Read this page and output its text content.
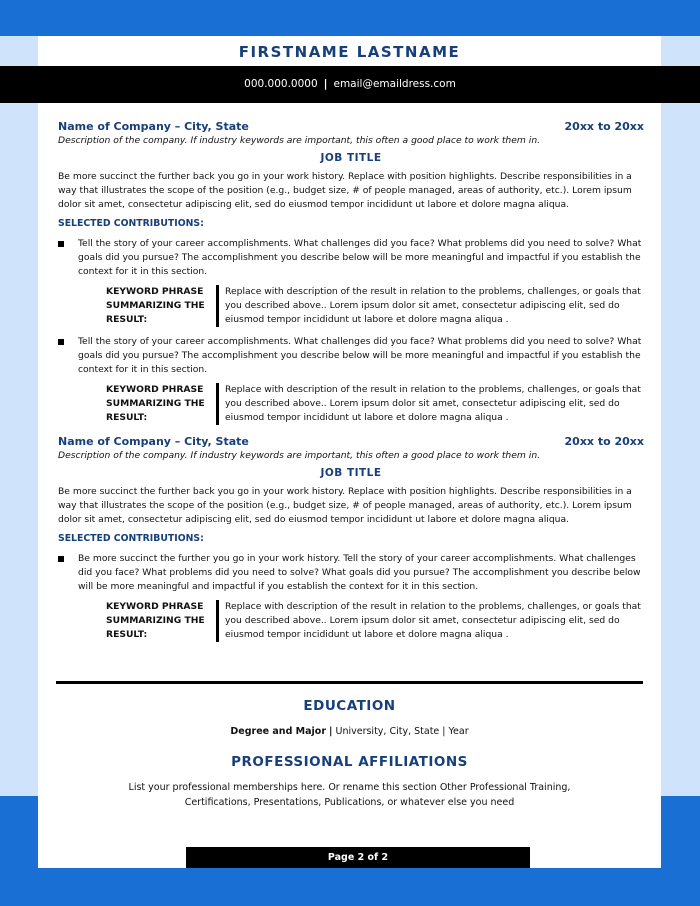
FIRSTNAME LASTNAME
000.000.0000 | email@emaildress.com
Name of Company – City, State	20xx to 20xx
Description of the company. If industry keywords are important, this often a good place to work them in.
JOB TITLE
Be more succinct the further back you go in your work history. Replace with position highlights. Describe responsibilities in a way that illustrates the scope of the position (e.g., budget size, # of people managed, areas of authority, etc.). Lorem ipsum dolor sit amet, consectetur adipiscing elit, sed do eiusmod tempor incididunt ut labore et dolore magna aliqua.
SELECTED CONTRIBUTIONS:
Tell the story of your career accomplishments. What challenges did you face? What problems did you need to solve? What goals did you pursue? The accomplishment you describe below will be more meaningful and impactful if you establish the context for it in this section.
KEYWORD PHRASE SUMMARIZING THE RESULT:
Replace with description of the result in relation to the problems, challenges, or goals that you described above.. Lorem ipsum dolor sit amet, consectetur adipiscing elit, sed do eiusmod tempor incididunt ut labore et dolore magna aliqua .
Tell the story of your career accomplishments. What challenges did you face? What problems did you need to solve? What goals did you pursue? The accomplishment you describe below will be more meaningful and impactful if you establish the context for it in this section.
KEYWORD PHRASE SUMMARIZING THE RESULT:
Replace with description of the result in relation to the problems, challenges, or goals that you described above.. Lorem ipsum dolor sit amet, consectetur adipiscing elit, sed do eiusmod tempor incididunt ut labore et dolore magna aliqua .
Name of Company – City, State	20xx to 20xx
Description of the company. If industry keywords are important, this often a good place to work them in.
JOB TITLE
Be more succinct the further back you go in your work history. Replace with position highlights. Describe responsibilities in a way that illustrates the scope of the position (e.g., budget size, # of people managed, areas of authority, etc.). Lorem ipsum dolor sit amet, consectetur adipiscing elit, sed do eiusmod tempor incididunt ut labore et dolore magna aliqua.
SELECTED CONTRIBUTIONS:
Be more succinct the further you go in your work history. Tell the story of your career accomplishments. What challenges did you face? What problems did you need to solve? What goals did you pursue? The accomplishment you describe below will be more meaningful and impactful if you establish the context for it in this section.
KEYWORD PHRASE SUMMARIZING THE RESULT:
Replace with description of the result in relation to the problems, challenges, or goals that you described above.. Lorem ipsum dolor sit amet, consectetur adipiscing elit, sed do eiusmod tempor incididunt ut labore et dolore magna aliqua .
EDUCATION
Degree and Major | University, City, State | Year
PROFESSIONAL AFFILIATIONS
List your professional memberships here. Or rename this section Other Professional Training, Certifications, Presentations, Publications, or whatever else you need
Page 2 of 2
